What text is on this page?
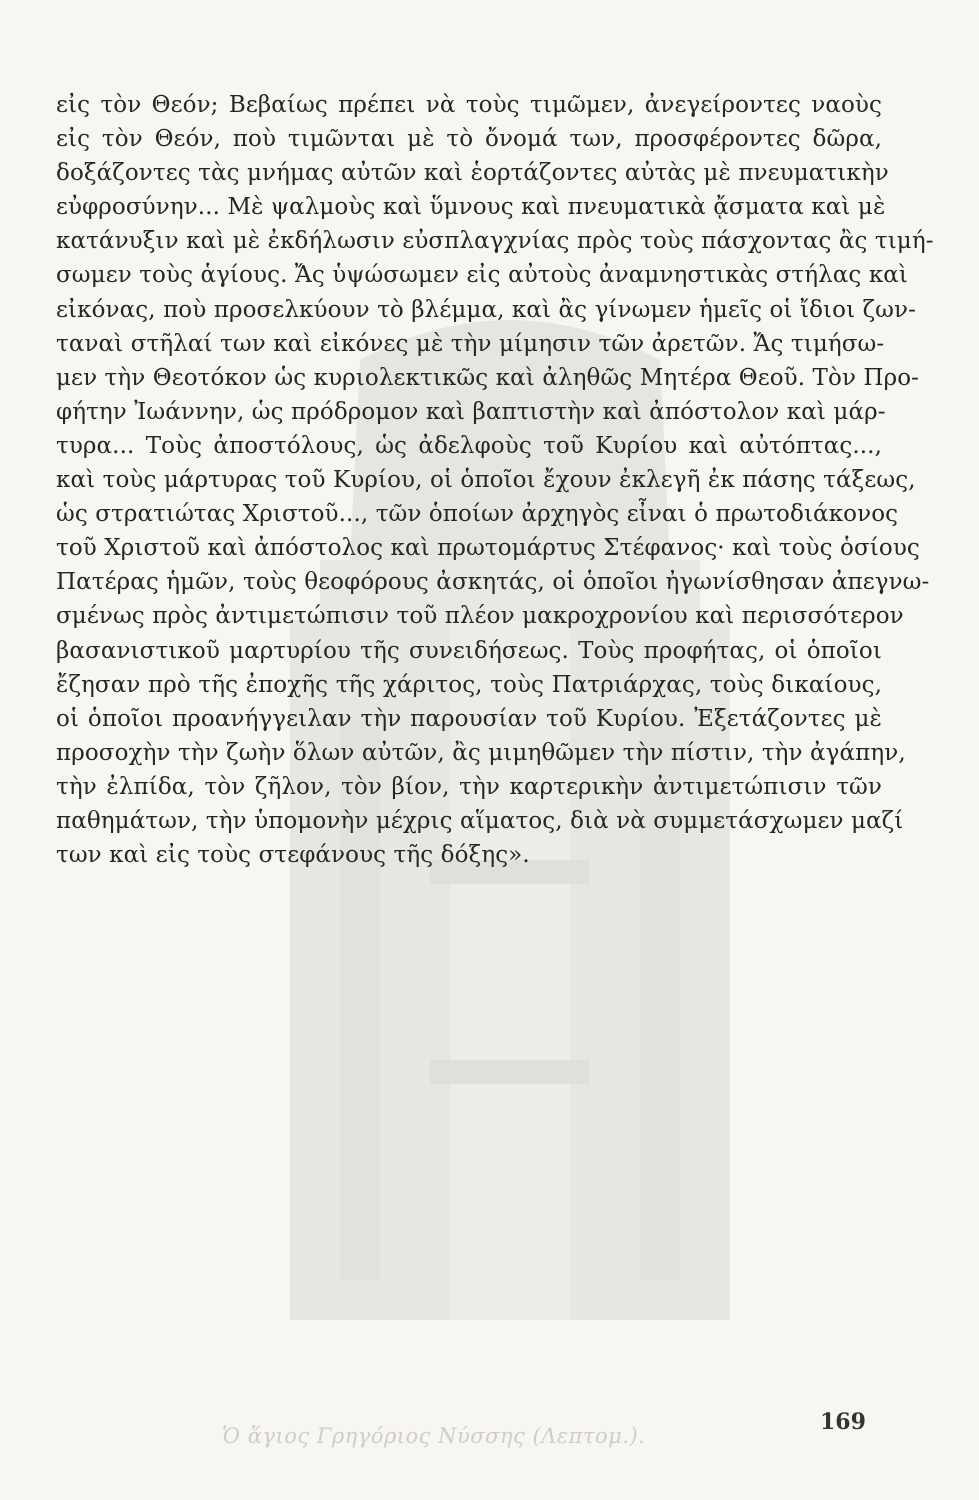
εἰς τὸν Θεόν; Βεβαίως πρέπει νὰ τοὺς τιμῶμεν, ἀνεγείροντες ναοὺς
εἰς τὸν Θεόν, ποὺ τιμῶνται μὲ τὸ ὄνομά των, προσφέροντες δῶρα,
δοξάζοντες τὰς μνήμας αὐτῶν καὶ ἑορτάζοντες αὐτὰς μὲ πνευματικὴν
εὐφροσύνην... Μὲ ψαλμοὺς καὶ ὕμνους καὶ πνευματικὰ ᾄσματα καὶ μὲ
κατάνυξιν καὶ μὲ ἐκδήλωσιν εὐσπλαγχνίας πρὸς τοὺς πάσχοντας ἂς τιμή-
σωμεν τοὺς ἁγίους. Ἄς ὑψώσωμεν εἰς αὐτοὺς ἀναμνηστικὰς στήλας καὶ
εἰκόνας, ποὺ προσελκύουν τὸ βλέμμα, καὶ ἂς γίνωμεν ἡμεῖς οἱ ἴδιοι ζων-
ταναὶ στῆλαί των καὶ εἰκόνες μὲ τὴν μίμησιν τῶν ἀρετῶν. Ἄς τιμήσω-
μεν τὴν Θεοτόκον ὡς κυριολεκτικῶς καὶ ἀληθῶς Μητέρα Θεοῦ. Τὸν Προ-
φήτην Ἰωάννην, ὡς πρόδρομον καὶ βαπτιστὴν καὶ ἀπόστολον καὶ μάρ-
τυρα... Τοὺς ἀποστόλους, ὡς ἀδελφοὺς τοῦ Κυρίου καὶ αὐτόπτας...,
καὶ τοὺς μάρτυρας τοῦ Κυρίου, οἱ ὁποῖοι ἔχουν ἐκλεγῆ ἐκ πάσης τάξεως,
ὡς στρατιώτας Χριστοῦ..., τῶν ὁποίων ἀρχηγὸς εἶναι ὁ πρωτοδιάκονος
τοῦ Χριστοῦ καὶ ἀπόστολος καὶ πρωτομάρτυς Στέφανος· καὶ τοὺς ὁσίους
Πατέρας ἡμῶν, τοὺς θεοφόρους ἀσκητάς, οἱ ὁποῖοι ἠγωνίσθησαν ἀπεγνω-
σμένως πρὸς ἀντιμετώπισιν τοῦ πλέον μακροχρονίου καὶ περισσότερον
βασανιστικοῦ μαρτυρίου τῆς συνειδήσεως. Τοὺς προφήτας, οἱ ὁποῖοι
ἔζησαν πρὸ τῆς ἐποχῆς τῆς χάριτος, τοὺς Πατριάρχας, τοὺς δικαίους,
οἱ ὁποῖοι προανήγγειλαν τὴν παρουσίαν τοῦ Κυρίου. Ἐξετάζοντες μὲ
προσοχὴν τὴν ζωὴν ὅλων αὐτῶν, ἂς μιμηθῶμεν τὴν πίστιν, τὴν ἀγάπην,
τὴν ἐλπίδα, τὸν ζῆλον, τὸν βίον, τὴν καρτερικὴν ἀντιμετώπισιν τῶν
παθημάτων, τὴν ὑπομονὴν μέχρις αἵματος, διὰ νὰ συμμετάσχωμεν μαζί
των καὶ εἰς τοὺς στεφάνους τῆς δόξης».
Ὁ ἅγιος Γρηγόριος Νύσσης (Λεπτομ.).
169
